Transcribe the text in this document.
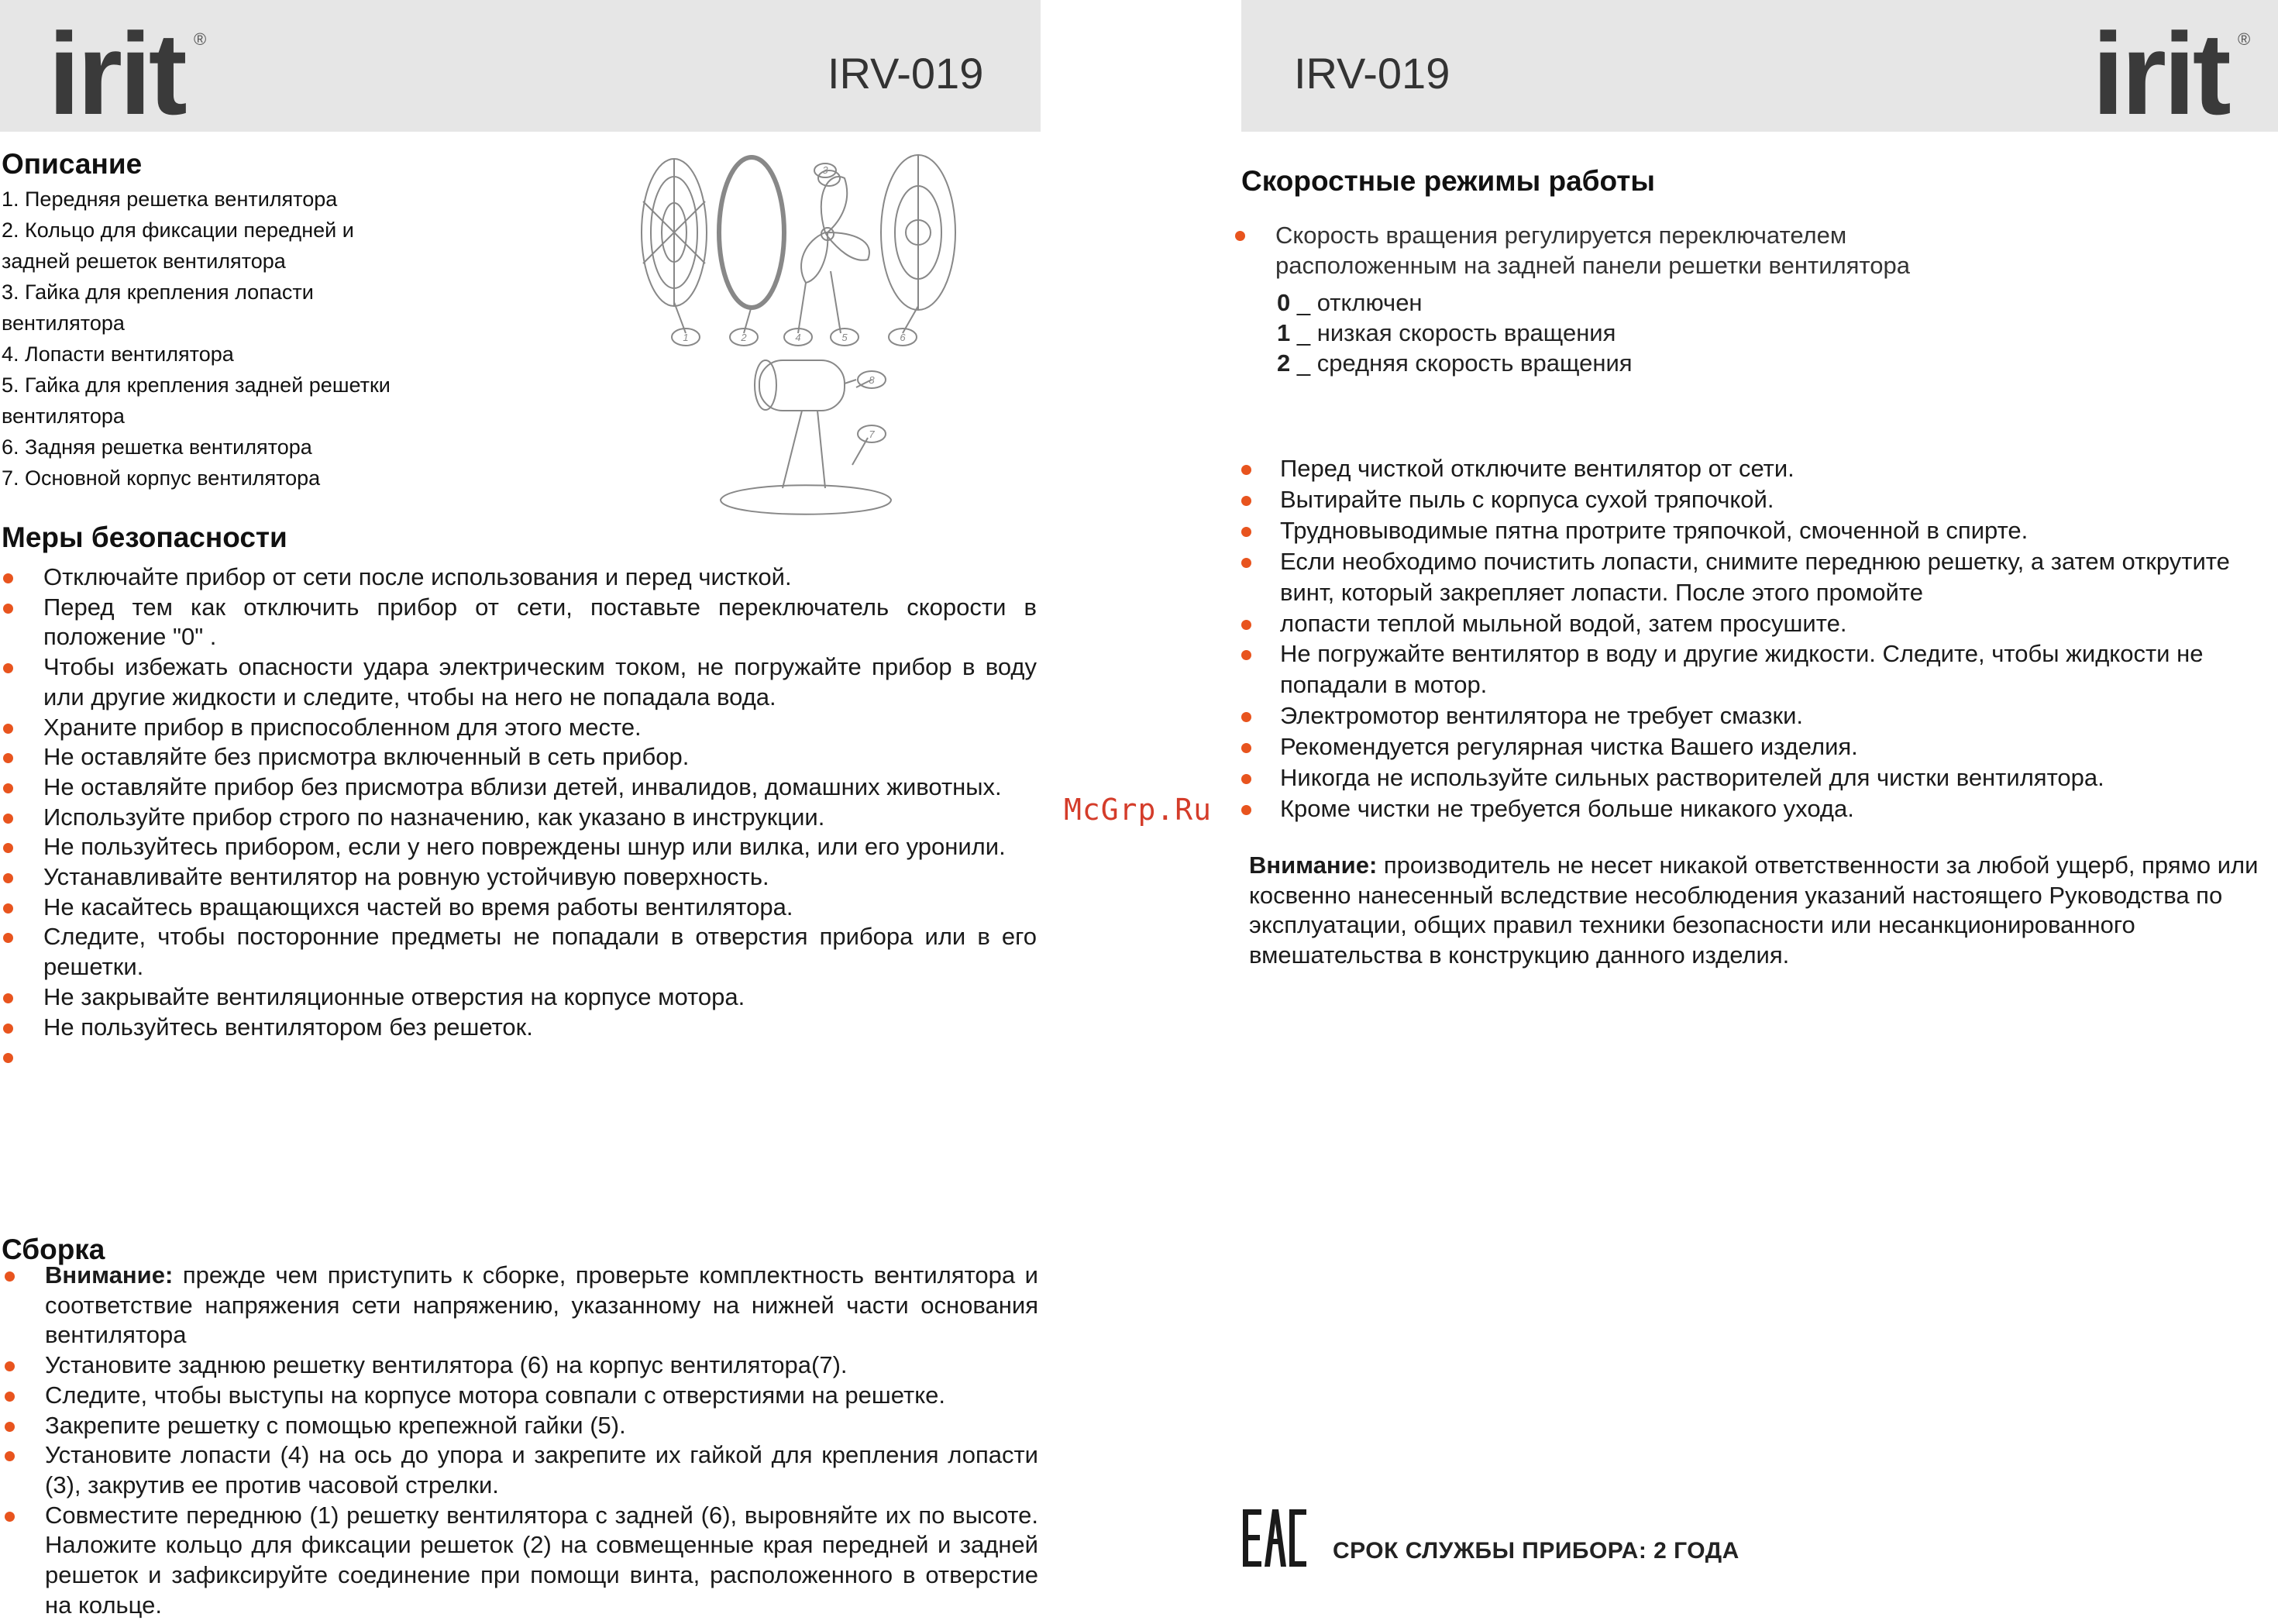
irit ®
IRV-019	IRV-019	irit ®
Описание
1. Передняя решетка вентилятора
2. Кольцо для фиксации передней и
задней решеток вентилятора
3. Гайка для крепления лопасти
вентилятора
4. Лопасти вентилятора
5. Гайка для крепления задней решетки
вентилятора
6. Задняя решетка вентилятора
7. Основной корпус вентилятора
1	2	4	5	6
3
7
8
Меры безопасности
Отключайте прибор от сети после использования и перед чисткой.
Перед тем как отключить прибор от сети, поставьте переключатель скорости в положение "0" .
Чтобы избежать опасности удара электрическим током, не погружайте прибор в воду или другие жидкости и следите, чтобы на него не попадала вода.
Храните прибор в приспособленном для этого месте.
Не оставляйте без присмотра включенный в сеть прибор.
Не оставляйте прибор без присмотра вблизи детей, инвалидов, домашних животных.
Используйте прибор строго по назначению, как указано в инструкции.
Не пользуйтесь прибором, если у него повреждены шнур или вилка, или его уронили.
Устанавливайте вентилятор на ровную устойчивую поверхность.
Не касайтесь вращающихся частей во время работы вентилятора.
Следите, чтобы посторонние предметы не попадали в отверстия прибора или в его решетки.
Не закрывайте вентиляционные отверстия на корпусе мотора.
Не пользуйтесь вентилятором без решеток.
Сборка
Внимание: прежде чем приступить к сборке, проверьте комплектность вентилятора и соответствие напряжения сети напряжению, указанному на нижней части основания вентилятора
Установите заднюю решетку вентилятора (6) на корпус вентилятора(7).
Следите, чтобы выступы на корпусе мотора совпали с отверстиями на решетке.
Закрепите решетку с помощью крепежной гайки (5).
Установите лопасти (4) на ось до упора и закрепите их гайкой для крепления лопасти (3), закрутив ее против часовой стрелки.
Совместите переднюю (1) решетку вентилятора с задней (6), выровняйте их по высоте. Наложите кольцо для фиксации решеток (2) на совмещенные края передней и задней решеток и зафиксируйте соединение при помощи винта, расположенного в отверстие на кольце.
McGrp.Ru
Скоростные режимы работы
Скорость вращения регулируется переключателем расположенным на задней панели решетки вентилятора
0 _ отключен
1 _ низкая скорость вращения
2 _ средняя скорость вращения
Перед чисткой отключите вентилятор от сети.
Вытирайте пыль с корпуса сухой тряпочкой.
Трудновыводимые пятна протрите тряпочкой, смоченной в спирте.
Если необходимо почистить лопасти, снимите переднюю решетку, а затем открутите винт, который закрепляет лопасти. После этого промойте
лопасти теплой мыльной водой, затем просушите.
Не погружайте вентилятор в воду и другие жидкости. Следите, чтобы жидкости не попадали в мотор.
Электромотор вентилятора не требует смазки.
Рекомендуется регулярная чистка Вашего изделия.
Никогда не используйте сильных растворителей для чистки вентилятора.
Кроме чистки не требуется больше никакого ухода.

Внимание: производитель не несет никакой ответственности за любой ущерб, прямо или косвенно нанесенный вследствие несоблюдения указаний настоящего Руководства по эксплуатации, общих правил техники безопасности или несанкционированного вмешательства в конструкцию данного изделия.

СРОК СЛУЖБЫ ПРИБОРА: 2 ГОДА
